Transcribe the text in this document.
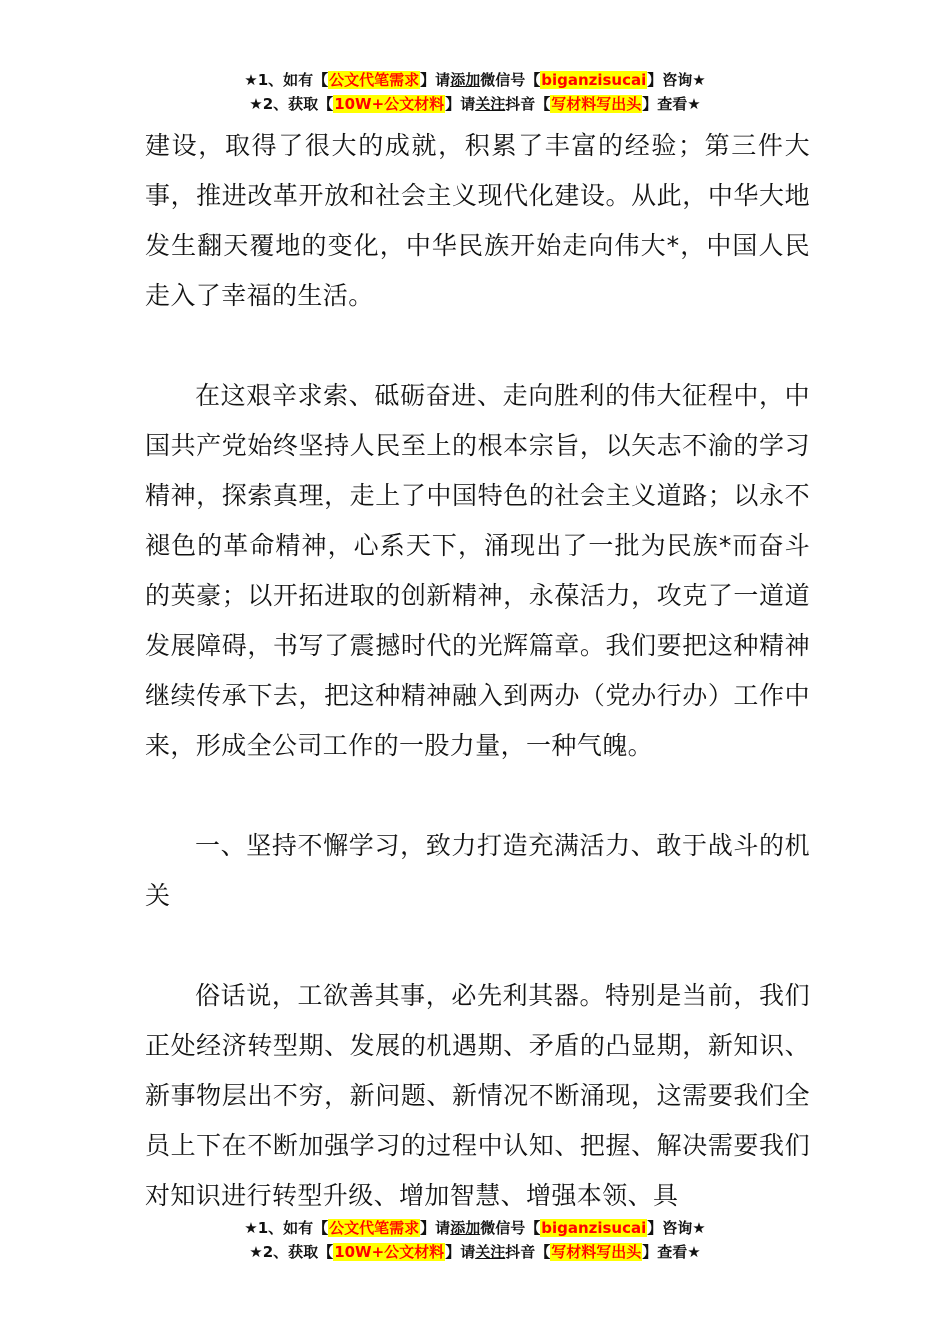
★1、如有【公文代笔需求】请添加微信号【biganzisucai】咨询★
★2、获取【10W+公文材料】请关注抖音【写材料写出头】查看★

建设，取得了很大的成就，积累了丰富的经验；第三件大事，推进改革开放和社会主义现代化建设。从此，中华大地发生翻天覆地的变化，中华民族开始走向伟大*，中国人民走入了幸福的生活。

在这艰辛求索、砥砺奋进、走向胜利的伟大征程中，中国共产党始终坚持人民至上的根本宗旨，以矢志不渝的学习精神，探索真理，走上了中国特色的社会主义道路；以永不褪色的革命精神，心系天下，涌现出了一批为民族*而奋斗的英豪；以开拓进取的创新精神，永葆活力，攻克了一道道发展障碍，书写了震撼时代的光辉篇章。我们要把这种精神继续传承下去，把这种精神融入到两办（党办行办）工作中来，形成全公司工作的一股力量，一种气魄。

一、坚持不懈学习，致力打造充满活力、敢于战斗的机关

俗话说，工欲善其事，必先利其器。特别是当前，我们正处经济转型期、发展的机遇期、矛盾的凸显期，新知识、新事物层出不穷，新问题、新情况不断涌现，这需要我们全员上下在不断加强学习的过程中认知、把握、解决需要我们对知识进行转型升级、增加智慧、增强本领、具

★1、如有【公文代笔需求】请添加微信号【biganzisucai】咨询★
★2、获取【10W+公文材料】请关注抖音【写材料写出头】查看★
